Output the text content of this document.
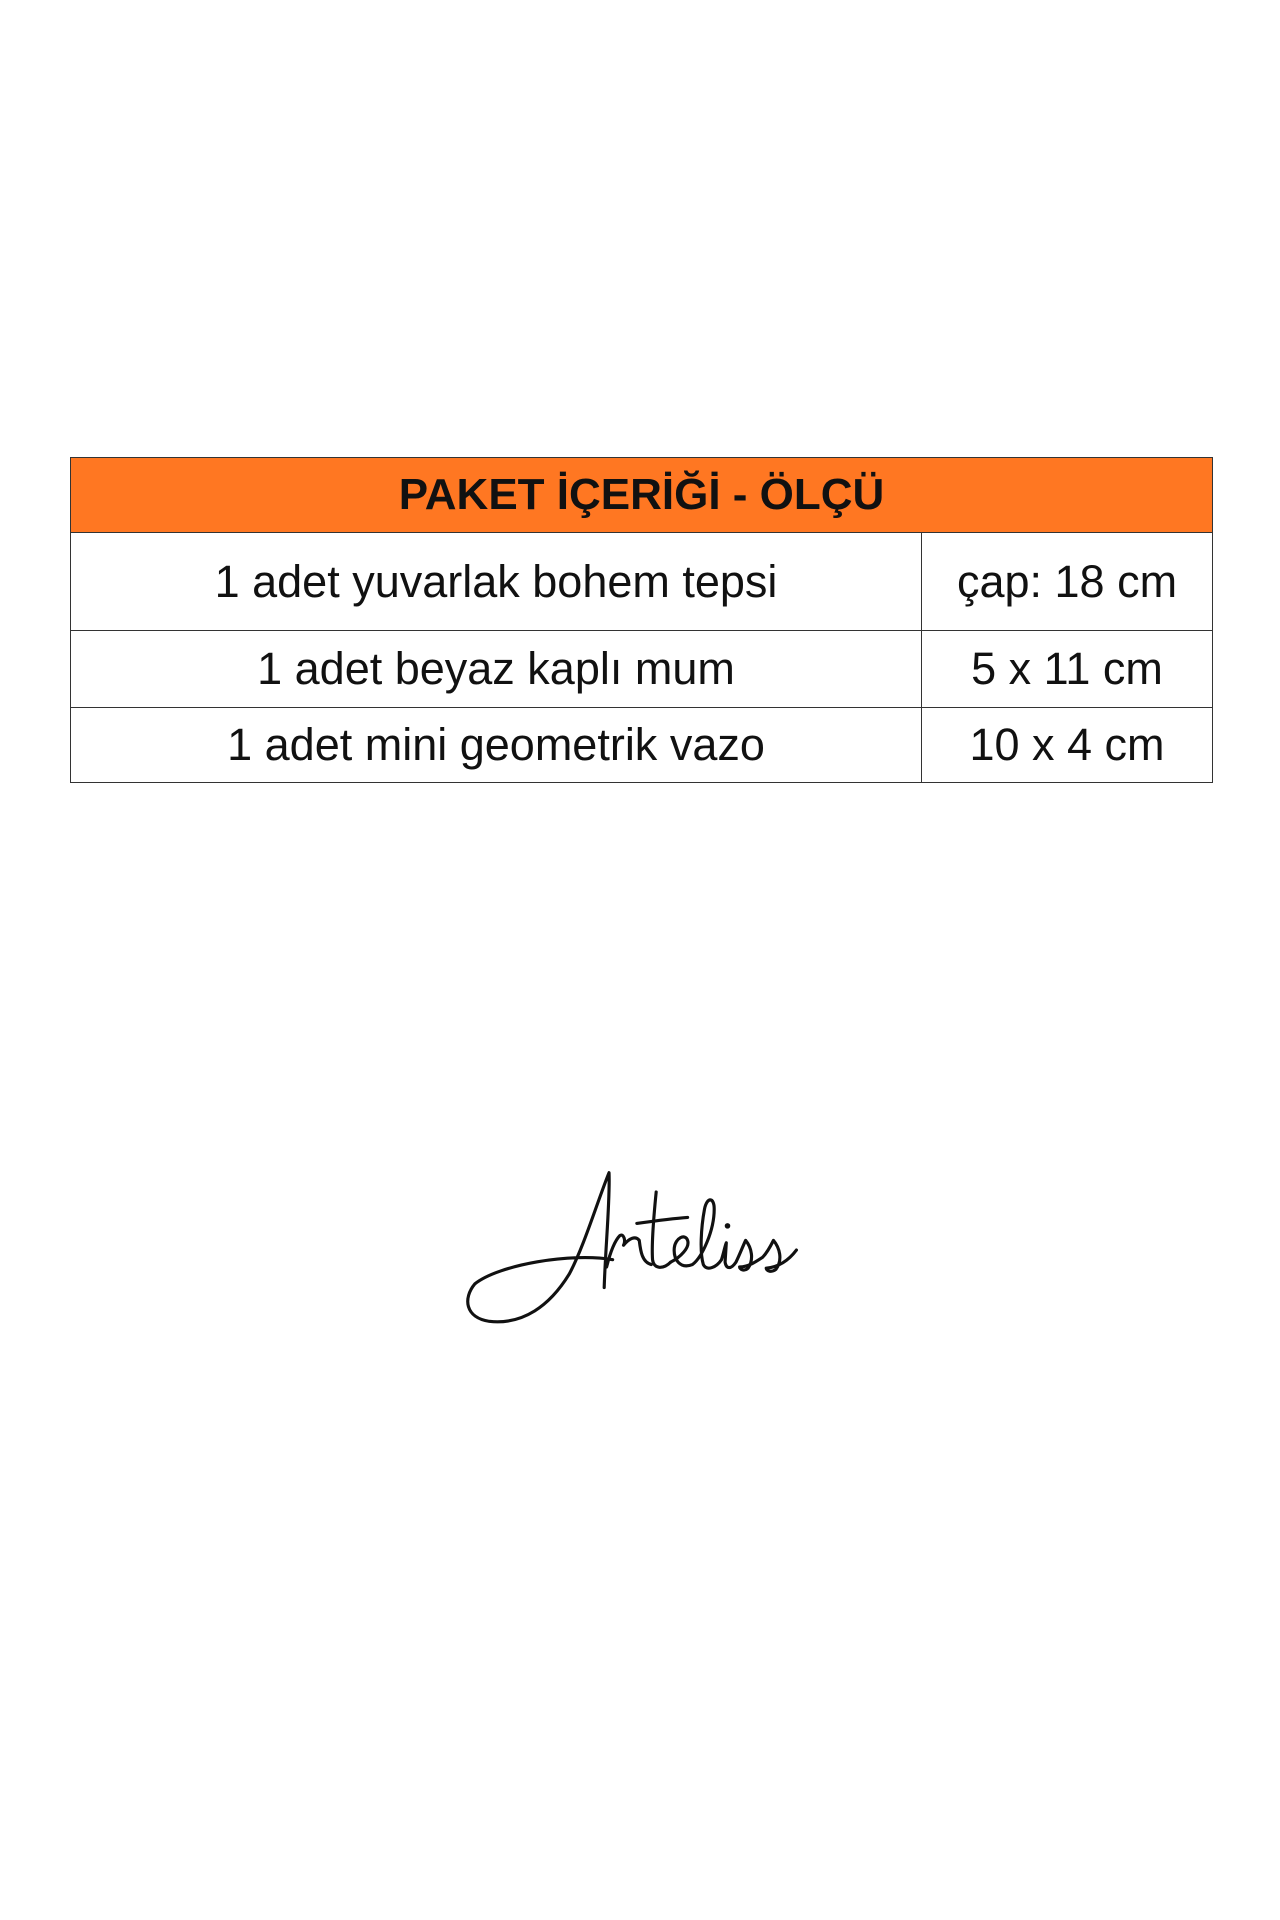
PAKET İÇERİĞİ - ÖLÇÜ	
1 adet yuvarlak bohem tepsi	çap: 18 cm
1 adet beyaz kaplı mum	5 x 11 cm
1 adet mini geometrik vazo	10 x 4 cm
